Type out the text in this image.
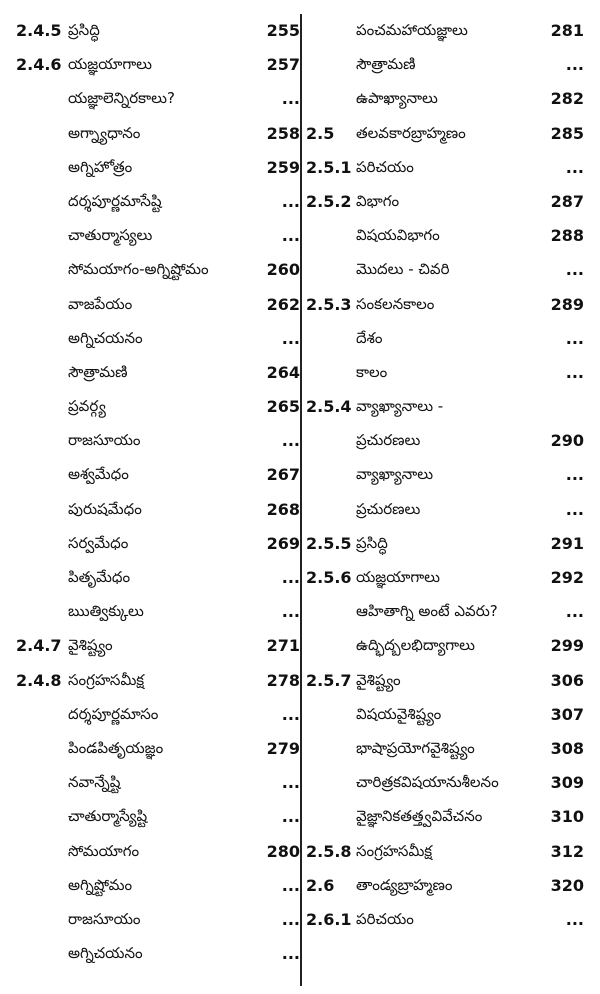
2.4.5 ప్రసిద్ధి	255
2.4.6 యజ్ఞయాగాలు	257
యజ్ఞాలెన్నిరకాలు?	...
అగ్న్యాధానం	258
అగ్నిహోత్రం	259
దర్శపూర్ణమాసేష్టి	...
చాతుర్మాస్యలు	...
సోమయాగం-అగ్నిష్టోమం	260
వాజపేయం	262
అగ్నిచయనం	...
సౌత్రామణి	264
ప్రవర్గ్య	265
రాజసూయం	...
అశ్వమేధం	267
పురుషమేధం	268
సర్వమేధం	269
పితృమేధం	...
ఋత్విక్కులు	...
2.4.7 వైశిష్ట్యం	271
2.4.8 సంగ్రహసమీక్ష	278
దర్శపూర్ణమాసం	...
పిండపితృయజ్ఞం	279
నవాన్నేష్టి	...
చాతుర్మాస్యేష్టి	...
సోమయాగం	280
అగ్నిష్టోమం	...
రాజసూయం	...
అగ్నిచయనం	...
పంచమహాయజ్ఞాలు	281
సౌత్రామణి	...
ఉపాఖ్యానాలు	282
2.5 తలవకారబ్రాహ్మణం	285
2.5.1 పరిచయం	...
2.5.2 విభాగం	287
విషయవిభాగం	288
మొదలు - చివరి	...
2.5.3 సంకలనకాలం	289
దేశం	...
కాలం	...
2.5.4 వ్యాఖ్యానాలు -
ప్రచురణలు	290
వ్యాఖ్యానాలు	...
ప్రచురణలు	...
2.5.5 ప్రసిద్ధి	291
2.5.6 యజ్ఞయాగాలు	292
ఆహితాగ్ని అంటే ఎవరు?	...
ఉద్భిద్బలభిద్యాగాలు	299
2.5.7 వైశిష్ట్యం	306
విషయవైశిష్ట్యం	307
భాషాప్రయోగవైశిష్ట్యం	308
చారిత్రకవిషయానుశీలనం	309
వైజ్ఞానికతత్త్వవివేచనం	310
2.5.8 సంగ్రహసమీక్ష	312
2.6 తాండ్యబ్రాహ్మణం	320
2.6.1 పరిచయం	...
